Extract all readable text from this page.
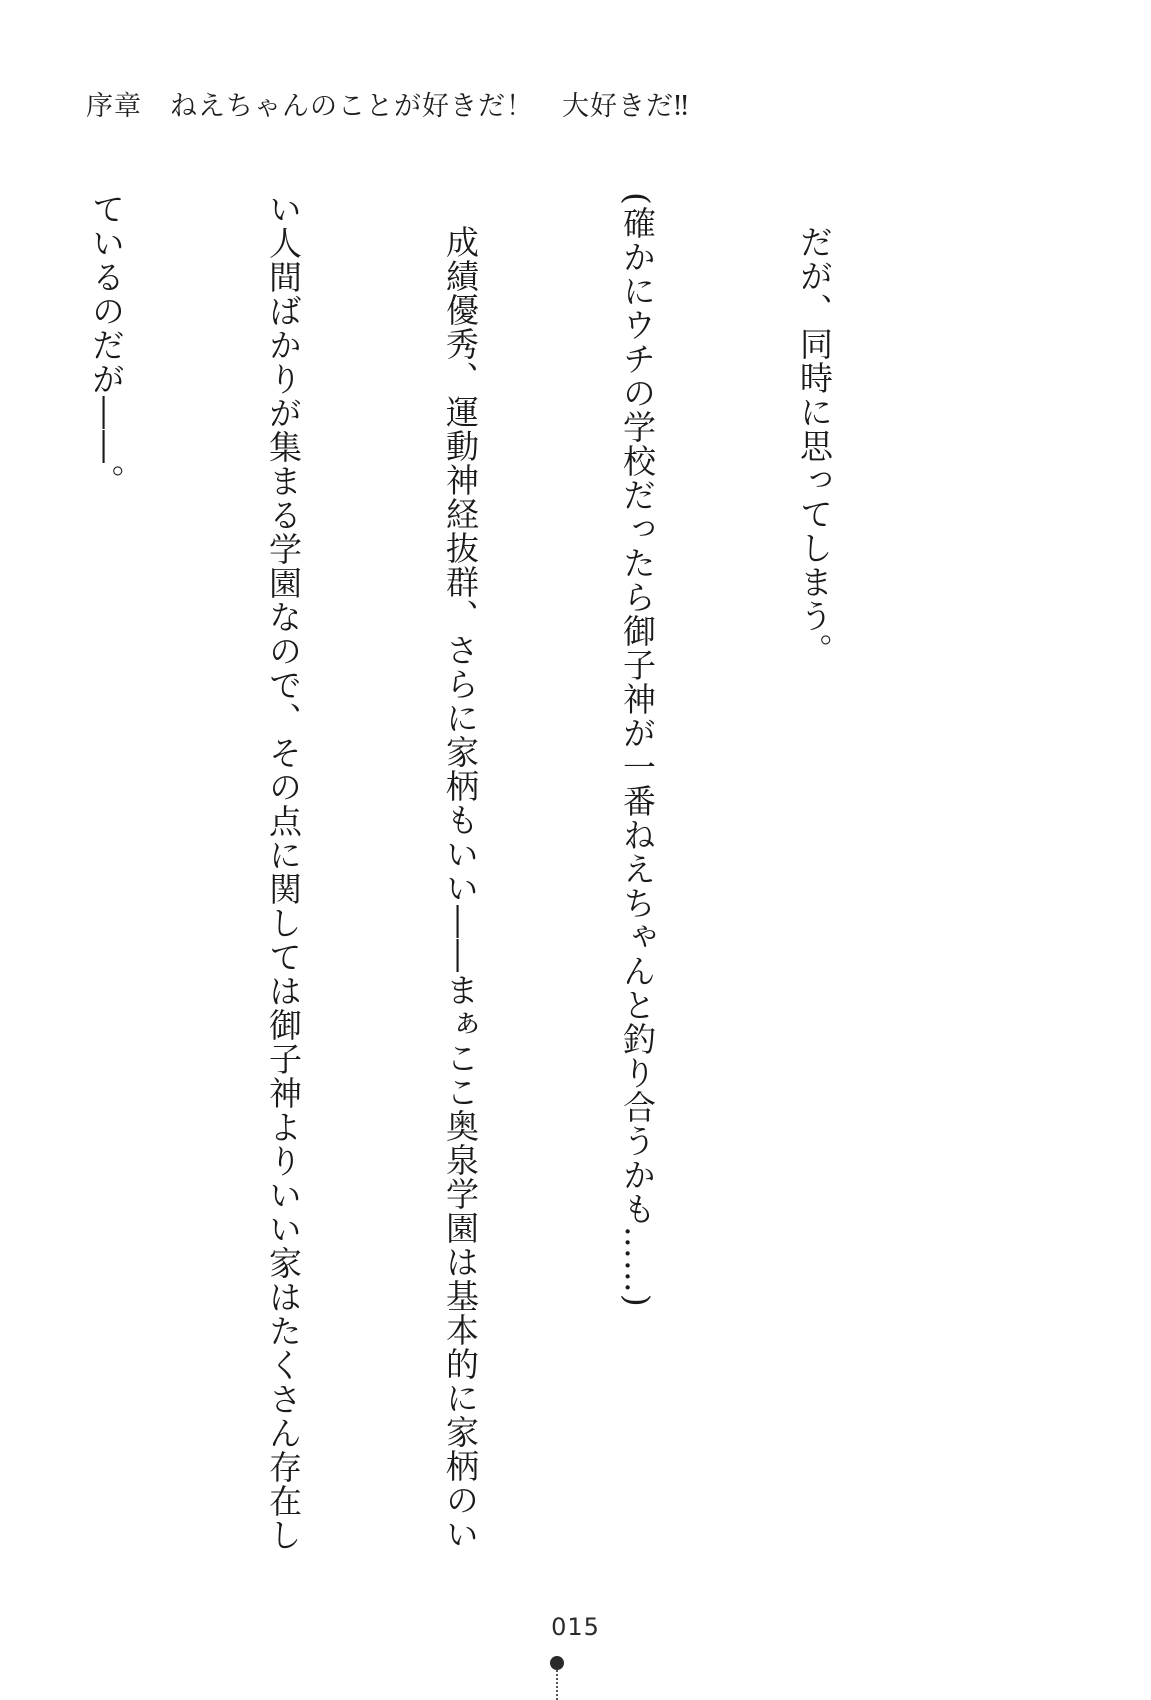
序章　ねえちゃんのことが好きだ！　大好きだ‼

だが、同時に思ってしまう。

(確かにウチの学校だったら御子神が一番ねえちゃんと釣り合うかも……)

成績優秀、運動神経抜群、さらに家柄もいい――まぁここ奥泉学園は基本的に家柄のい

い人間ばかりが集まる学園なので、その点に関しては御子神よりいい家はたくさん存在し

ているのだが――。

015
